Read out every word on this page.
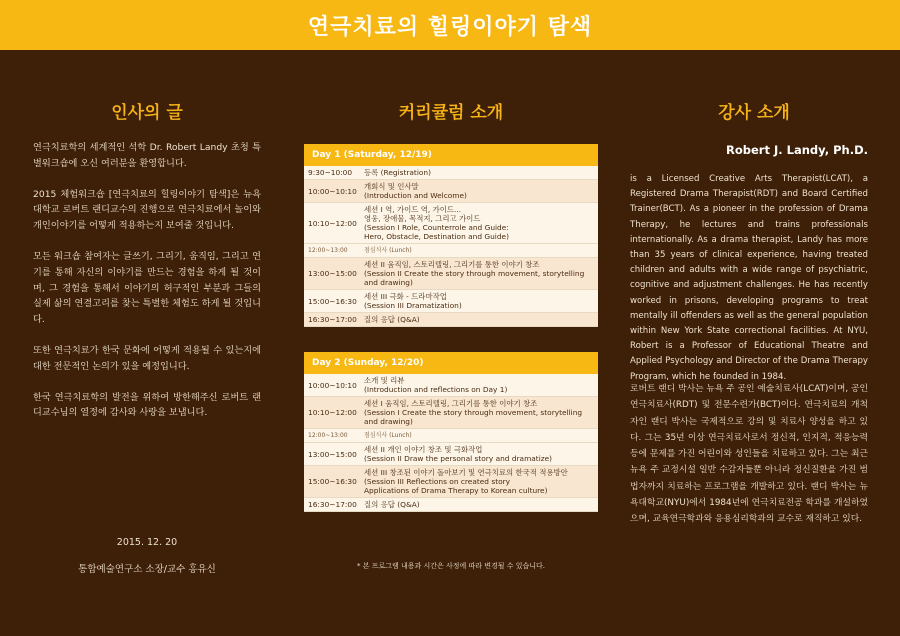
연극치료의 힐링이야기 탐색
인사의 글	커리큘럼 소개	강사 소개

연극치료학의 세계적인 석학 Dr. Robert Landy 초청 특별워크숍에 오신 여러분을 환영합니다.

2015 체험워크숍 [연극치료의 힐링이야기 탐색]은 뉴욕대학교 로버트 랜디교수의 진행으로 연극치료에서 놀이와 개인이야기를 어떻게 적용하는지 보여줄 것입니다.

모든 워크숍 참여자는 글쓰기, 그리기, 움직임, 그리고 연기를 통해 자신의 이야기를 만드는 경험을 하게 될 것이며, 그 경험을 통해서 이야기의 허구적인 부분과 그들의 실제 삶의 연결고리를 찾는 특별한 체험도 하게 될 것입니다.

또한 연극치료가 한국 문화에 어떻게 적용될 수 있는지에 대한 전문적인 논의가 있을 예정입니다.

한국 연극치료학의 발전을 위하여 방한해주신 로버트 랜디교수님의 열정에 감사와 사랑을 보냅니다.

2015. 12. 20
통합예술연구소 소장/교수 홍유신
Day 1 (Saturday, 12/19)
9:30~10:00	등록 (Registration)
10:00~10:10 개회식 및 인사말
(Introduction and Welcome)
10:10~12:00
세션 I 역, 가이드 역, 가이드...
영웅, 장애물, 목적지, 그리고 가이드
(Session I Role, Counterrole and Guide:
Hero, Obstacle, Destination and Guide)
12:00~13:00	점심식사 (Lunch)
13:00~15:00
세션 II 움직임, 스토리텔링, 그리기를 통한 이야기 창조
(Session II Create the story through movement, storytelling
and drawing)
15:00~16:30 세션 III 극화 - 드라마작업
(Session III Dramatization)
16:30~17:00 질의 응답 (Q&A)
Day 2 (Sunday, 12/20)
10:00~10:10 소개 및 리뷰
(Introduction and reflections on Day 1)
10:10~12:00
세션 I 움직임, 스토리텔링, 그리기를 통한 이야기 창조
(Session I Create the story through movement, storytelling
and drawing)
12:00~13:00	점심식사 (Lunch)
13:00~15:00 세션 II 개인 이야기 창조 및 극화작업
(Session II Draw the personal story and dramatize)
15:00~16:30
세션 III 창조된 이야기 돌아보기 및 연극치료의 한국적 적용방안
(Session III Reflections on created story
Applications of Drama Therapy to Korean culture)
16:30~17:00 질의 응답 (Q&A)
* 본 프로그램 내용과 시간은 사정에 따라 변경될 수 있습니다.
Robert J. Landy, Ph.D.
is a Licensed Creative Arts Therapist(LCAT), a Registered Drama Therapist(RDT) and Board Certified Trainer(BCT). As a pioneer in the profession of Drama Therapy, he lectures and trains professionals internationally. As a drama therapist, Landy has more than 35 years of clinical experience, having treated children and adults with a wide range of psychiatric, cognitive and adjustment challenges. He has recently worked in prisons, developing programs to treat mentally ill offenders as well as the general population within New York State correctional facilities. At NYU, Robert is a Professor of Educational Theatre and Applied Psychology and Director of the Drama Therapy Program, which he founded in 1984.
로버트 랜디 박사는 뉴욕 주 공인 예술치료사(LCAT)이며, 공인 연극치료사(RDT) 및 전문수련가(BCT)이다. 연극치료의 개척자인 랜디 박사는 국제적으로 강의 및 치료사 양성을 하고 있다. 그는 35년 이상 연극치료사로서 정신적, 인지적, 적응능력 등에 문제를 가진 어린이와 성인들을 치료하고 있다. 그는 최근 뉴욕 주 교정시설 일반 수감자들뿐 아니라 정신질환을 가진 범법자까지 치료하는 프로그램을 개발하고 있다. 랜디 박사는 뉴욕대학교(NYU)에서 1984년에 연극치료전공 학과를 개설하였으며, 교육연극학과와 응용심리학과의 교수로 재직하고 있다.
